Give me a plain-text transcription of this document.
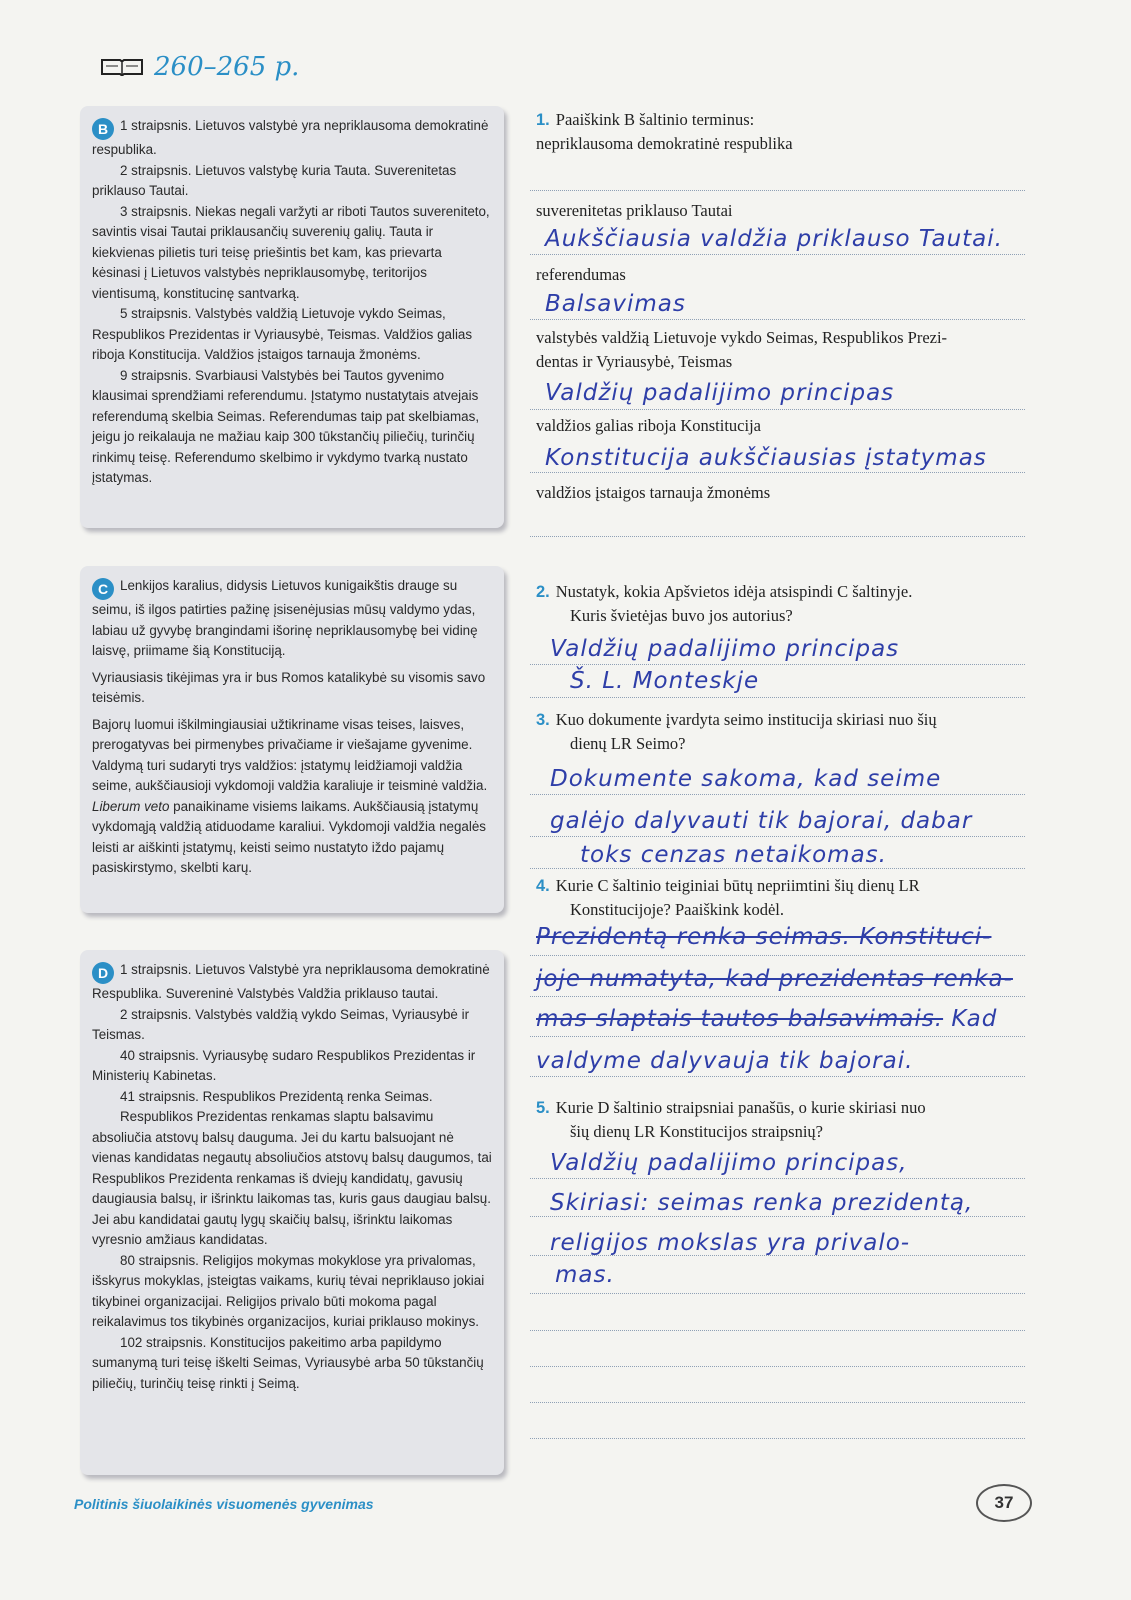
260–265 p.

B 1 straipsnis. Lietuvos valstybė yra nepriklausoma demokratinė respublika.

2 straipsnis. Lietuvos valstybę kuria Tauta. Suverenitetas priklauso Tautai.

3 straipsnis. Niekas negali varžyti ar riboti Tautos suvereniteto, savintis visai Tautai priklausančių suverenių galių. Tauta ir kiekvienas pilietis turi teisę priešintis bet kam, kas prievarta kėsinasi į Lietuvos valstybės nepriklausomybę, teritorijos vientisumą, konstitucinę santvarką.

5 straipsnis. Valstybės valdžią Lietuvoje vykdo Seimas, Respublikos Prezidentas ir Vyriausybė, Teismas. Valdžios galias riboja Konstitucija. Valdžios įstaigos tarnauja žmonėms.

9 straipsnis. Svarbiausi Valstybės bei Tautos gyvenimo klausimai sprendžiami referendumu. Įstatymo nustatytais atvejais referendumą skelbia Seimas. Referendumas taip pat skelbiamas, jeigu jo reikalauja ne mažiau kaip 300 tūkstančių piliečių, turinčių rinkimų teisę. Referendumo skelbimo ir vykdymo tvarką nustato įstatymas.

C Lenkijos karalius, didysis Lietuvos kunigaikštis drauge su seimu, iš ilgos patirties pažinę įsisenėjusias mūsų valdymo ydas, labiau už gyvybę brangindami išorinę nepriklausomybę bei vidinę laisvę, priimame šią Konstituciją.

Vyriausiasis tikėjimas yra ir bus Romos katalikybė su visomis savo teisėmis.

Bajorų luomui iškilmingiausiai užtikriname visas teises, laisves, prerogatyvas bei pirmenybes privačiame ir viešajame gyvenime. Valdymą turi sudaryti trys valdžios: įstatymų leidžiamoji valdžia seime, aukščiausioji vykdomoji valdžia karaliuje ir teisminė valdžia. Liberum veto panaikiname visiems laikams. Aukščiausią įstatymų vykdomąją valdžią atiduodame karaliui. Vykdomoji valdžia negalės leisti ar aiškinti įstatymų, keisti seimo nustatyto iždo pajamų pasiskirstymo, skelbti karų.

D 1 straipsnis. Lietuvos Valstybė yra nepriklausoma demokratinė Respublika. Suvereninė Valstybės Valdžia priklauso tautai.

2 straipsnis. Valstybės valdžią vykdo Seimas, Vyriausybė ir Teismas.

40 straipsnis. Vyriausybę sudaro Respublikos Prezidentas ir Ministerių Kabinetas.

41 straipsnis. Respublikos Prezidentą renka Seimas.

Respublikos Prezidentas renkamas slaptu balsavimu absoliučia atstovų balsų dauguma. Jei du kartu balsuojant nė vienas kandidatas negautų absoliučios atstovų balsų daugumos, tai Respublikos Prezidenta renkamas iš dviejų kandidatų, gavusių daugiausia balsų, ir išrinktu laikomas tas, kuris gaus daugiau balsų. Jei abu kandidatai gautų lygų skaičių balsų, išrinktu laikomas vyresnio amžiaus kandidatas.

80 straipsnis. Religijos mokymas mokyklose yra privalomas, išskyrus mokyklas, įsteigtas vaikams, kurių tėvai nepriklauso jokiai tikybinei organizacijai. Religijos privalo būti mokoma pagal reikalavimus tos tikybinės organizacijos, kuriai priklauso mokinys.

102 straipsnis. Konstitucijos pakeitimo arba papildymo sumanymą turi teisę iškelti Seimas, Vyriausybė arba 50 tūkstančių piliečių, turinčių teisę rinkti į Seimą.

1. Paaiškink B šaltinio terminus:
nepriklausoma demokratinė respublika
suverenitetas priklauso Tautai
Aukščiausia valdžia priklauso Tautai.
referendumas
Balsavimas
valstybės valdžią Lietuvoje vykdo Seimas, Respublikos Prezi-
dentas ir Vyriausybė, Teismas
Valdžių padalijimo principas
valdžios galias riboja Konstitucija
Konstitucija aukščiausias įstatymas
valdžios įstaigos tarnauja žmonėms
2. Nustatyk, kokia Apšvietos idėja atsispindi C šaltinyje.
Kuris švietėjas buvo jos autorius?
Valdžių padalijimo principas
Š. L. Monteskje
3. Kuo dokumente įvardyta seimo institucija skiriasi nuo šių
dienų LR Seimo?
Dokumente sakoma, kad seime
galėjo dalyvauti tik bajorai, dabar
toks cenzas netaikomas.
4. Kurie C šaltinio teiginiai būtų nepriimtini šių dienų LR
Konstitucijoje? Paaiškink kodėl.
Prezidentą renka seimas. Konstituci-
joje numatyta, kad prezidentas renka-
mas slaptais tautos balsavimais. Kad
valdyme dalyvauja tik bajorai.
5. Kurie D šaltinio straipsniai panašūs, o kurie skiriasi nuo
šių dienų LR Konstitucijos straipsnių?
Valdžių padalijimo principas,
Skiriasi: seimas renka prezidentą,
religijos mokslas yra privalo-
mas.
Politinis šiuolaikinės visuomenės gyvenimas	37
